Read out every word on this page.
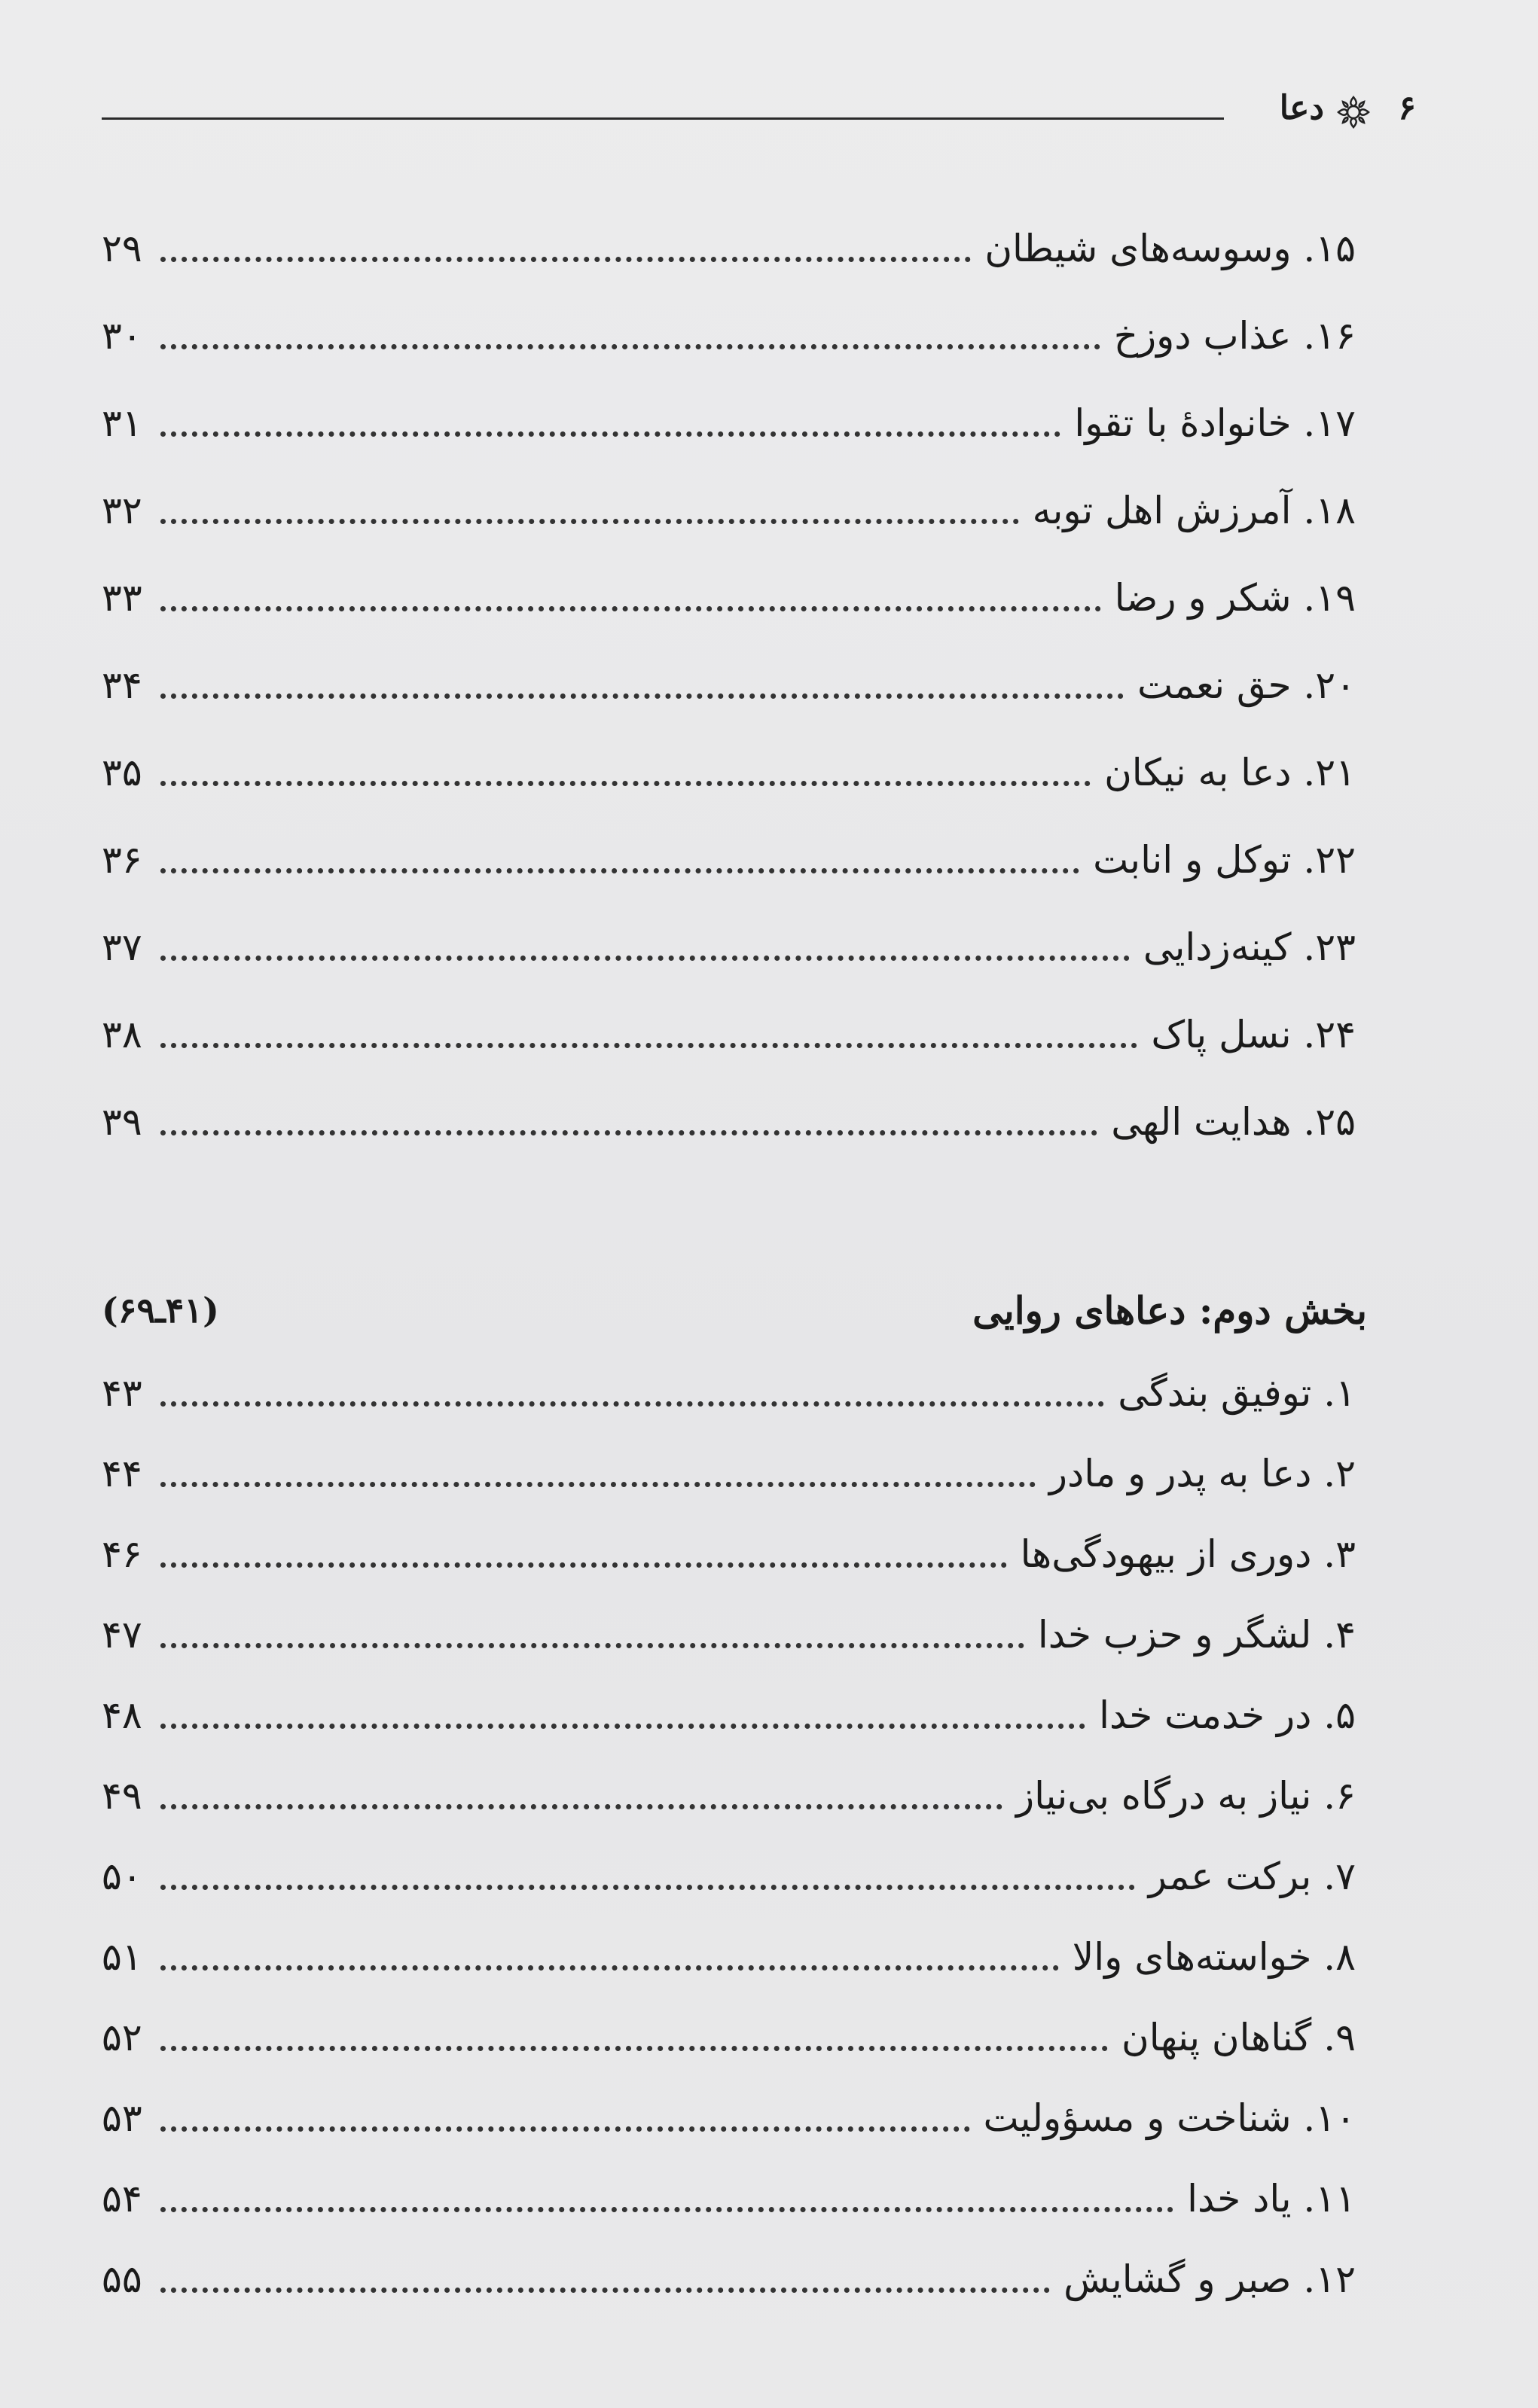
۶
دعا
۱۵. وسوسه‌های شیطان
۲۹
۱۶. عذاب دوزخ
۳۰
۱۷. خانوادهٔ با تقوا
۳۱
۱۸. آمرزش اهل توبه
۳۲
۱۹. شکر و رضا
۳۳
۲۰. حق نعمت
۳۴
۲۱. دعا به نیکان
۳۵
۲۲. توکل و انابت
۳۶
۲۳. کینه‌زدایی
۳۷
۲۴. نسل پاک
۳۸
۲۵. هدایت الهی
۳۹
بخش دوم: دعاهای روایی
(۴۱ـ۶۹)
۱. توفیق بندگی
۴۳
۲. دعا به پدر و مادر
۴۴
۳. دوری از بیهودگی‌ها
۴۶
۴. لشگر و حزب خدا
۴۷
۵. در خدمت خدا
۴۸
۶. نیاز به درگاه بی‌نیاز
۴۹
۷. برکت عمر
۵۰
۸. خواسته‌های والا
۵۱
۹. گناهان پنهان
۵۲
۱۰. شناخت و مسؤولیت
۵۳
۱۱. یاد خدا
۵۴
۱۲. صبر و گشایش
۵۵
